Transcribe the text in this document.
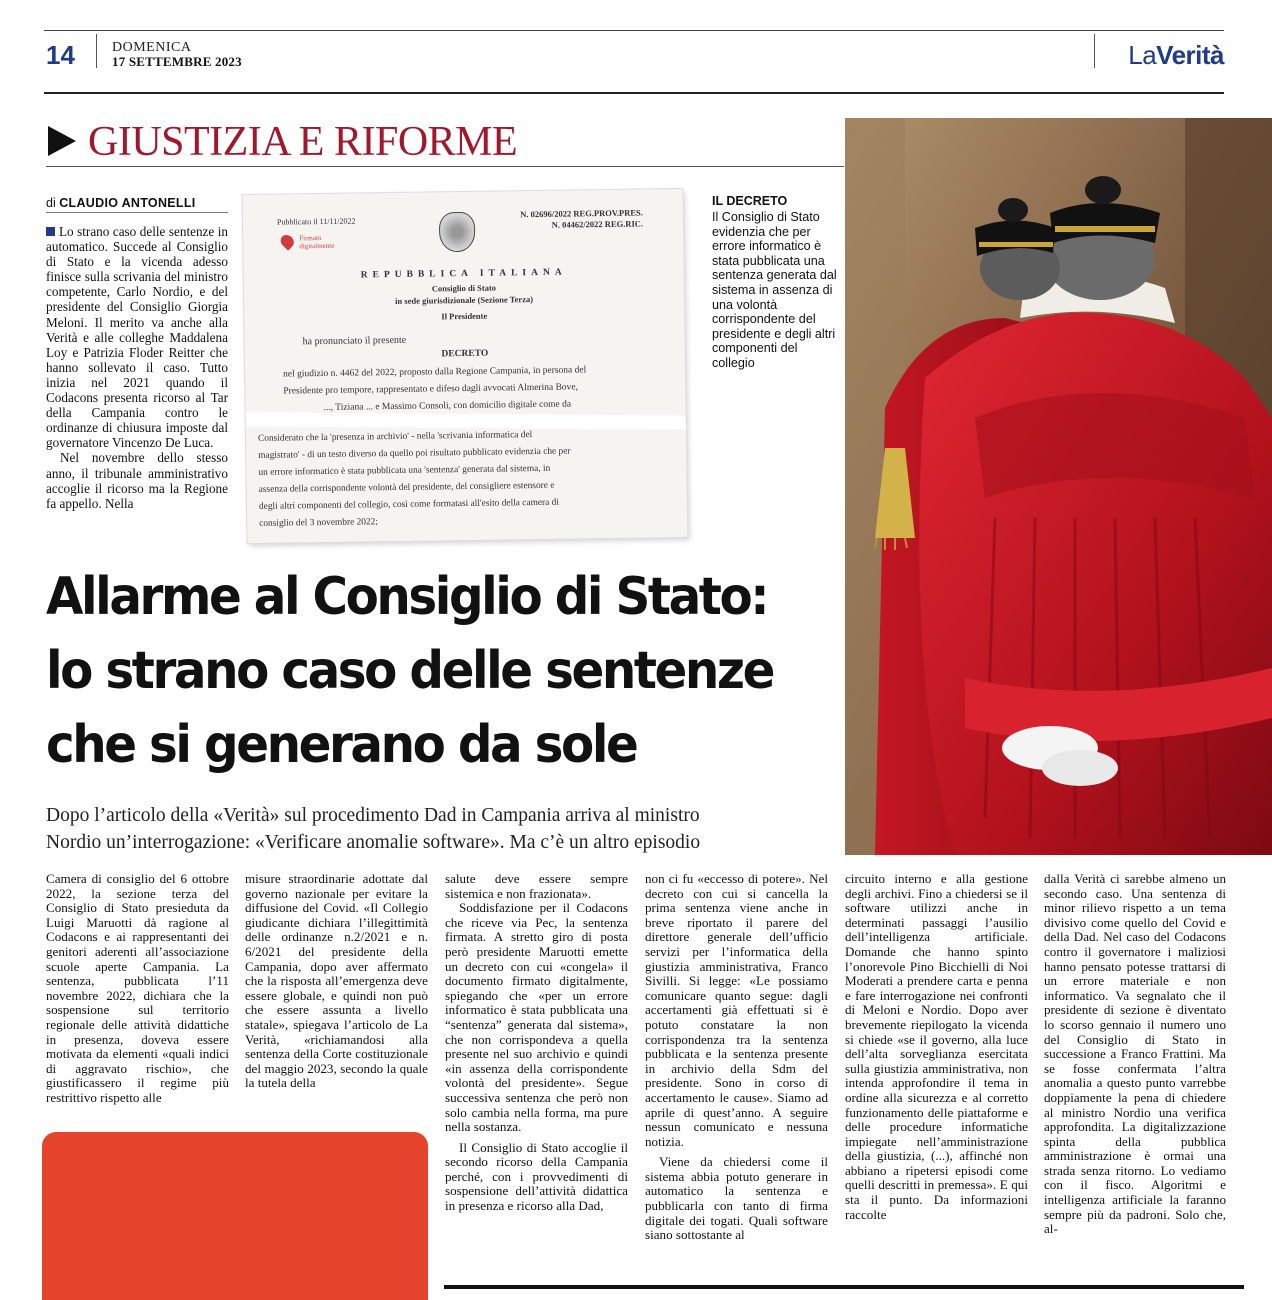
14	DOMENICA
17 SETTEMBRE 2023	LaVerità
GIUSTIZIA E RIFORME
di CLAUDIO ANTONELLI

Lo strano caso delle sentenze in automatico. Succede al Consiglio di Stato e la vicenda adesso finisce sulla scrivania del ministro competente, Carlo Nordio, e del presidente del Consiglio Giorgia Meloni. Il merito va anche alla Verità e alle colleghe Maddalena Loy e Patrizia Floder Reitter che hanno sollevato il caso. Tutto inizia nel 2021 quando il Codacons presenta ricorso al Tar della Campania contro le ordinanze di chiusura imposte dal governatore Vincenzo De Luca.

Nel novembre dello stesso anno, il tribunale amministrativo accoglie il ricorso ma la Regione fa appello. Nella

Pubblicato il 11/11/2022
Firmato digitalmente
N. 02696/2022 REG.PROV.PRES.
N. 04462/2022 REG.RIC.
REPUBBLICA ITALIANA
Consiglio di Stato
in sede giurisdizionale (Sezione Terza)
Il Presidente
ha pronunciato il presente
DECRETO
nel giudizio n. 4462 del 2022, proposto dalla Regione Campania, in persona del
Presidente pro tempore, rappresentato e difeso dagli avvocati Almerina Bove,
..., Tiziana ... e Massimo Consoli, con domicilio digitale come da
Considerato che la 'presenza in archivio' - nella 'scrivania informatica del
magistrato' - di un testo diverso da quello poi risultato pubblicato evidenzia che per
un errore informatico è stata pubblicata una 'sentenza' generata dal sistema, in
assenza della corrispondente volontà del presidente, del consigliere estensore e
degli altri componenti del collegio, così come formatasi all'esito della camera di
consiglio del 3 novembre 2022;
IL DECRETO
Il Consiglio di Stato evidenzia che per errore informatico è stata pubblicata una sentenza generata dal sistema in assenza di una volontà corrispondente del presidente e degli altri componenti del collegio
Allarme al Consiglio di Stato:
lo strano caso delle sentenze
che si generano da sole
Dopo l’articolo della «Verità» sul procedimento Dad in Campania arriva al ministro
Nordio un’interrogazione: «Verificare anomalie software». Ma c’è un altro episodio

Camera di consiglio del 6 ottobre 2022, la sezione terza del Consiglio di Stato presieduta da Luigi Maruotti dà ragione al Codacons e ai rappresentanti dei genitori aderenti all’associazione scuole aperte Campania. La sentenza, pubblicata l’11 novembre 2022, dichiara che la sospensione sul territorio regionale delle attività didattiche in presenza, doveva essere motivata da elementi «quali indici di aggravato rischio», che giustificassero il regime più restrittivo rispetto alle

misure straordinarie adottate dal governo nazionale per evitare la diffusione del Covid. «Il Collegio giudicante dichiara l’illegittimità delle ordinanze n.2/2021 e n. 6/2021 del presidente della Campania, dopo aver affermato che la risposta all’emergenza deve essere globale, e quindi non può che essere assunta a livello statale», spiegava l’articolo de La Verità, «richiamandosi alla sentenza della Corte costituzionale del maggio 2023, secondo la quale la tutela della

salute deve essere sempre sistemica e non frazionata».

Soddisfazione per il Codacons che riceve via Pec, la sentenza firmata. A stretto giro di posta però presidente Maruotti emette un decreto con cui «congela» il documento firmato digitalmente, spiegando che «per un errore informatico è stata pubblicata una “sentenza” generata dal sistema», che non corrispondeva a quella presente nel suo archivio e quindi «in assenza della corrispondente volontà del presidente». Segue successiva sentenza che però non solo cambia nella forma, ma pure nella sostanza.

Il Consiglio di Stato accoglie il secondo ricorso della Campania perché, con i provvedimenti di sospensione dell’attività didattica in presenza e ricorso alla Dad,

non ci fu «eccesso di potere». Nel decreto con cui si cancella la prima sentenza viene anche in breve riportato il parere del direttore generale dell’ufficio servizi per l’informatica della giustizia amministrativa, Franco Sivilli. Si legge: «Le possiamo comunicare quanto segue: dagli accertamenti già effettuati si è potuto constatare la non corrispondenza tra la sentenza pubblicata e la sentenza presente in archivio della Sdm del presidente. Sono in corso di accertamento le cause». Siamo ad aprile di quest’anno. A seguire nessun comunicato e nessuna notizia.

Viene da chiedersi come il sistema abbia potuto generare in automatico la sentenza e pubblicarla con tanto di firma digitale dei togati. Quali software siano sottostante al

circuito interno e alla gestione degli archivi. Fino a chiedersi se il software utilizzi anche in determinati passaggi l’ausilio dell’intelligenza artificiale. Domande che hanno spinto l’onorevole Pino Bicchielli di Noi Moderati a prendere carta e penna e fare interrogazione nei confronti di Meloni e Nordio. Dopo aver brevemente riepilogato la vicenda si chiede «se il governo, alla luce dell’alta sorveglianza esercitata sulla giustizia amministrativa, non intenda approfondire il tema in ordine alla sicurezza e al corretto funzionamento delle piattaforme e delle procedure informatiche impiegate nell’amministrazione della giustizia, (...), affinché non abbiano a ripetersi episodi come quelli descritti in premessa». E qui sta il punto. Da informazioni raccolte

dalla Verità ci sarebbe almeno un secondo caso. Una sentenza di minor rilievo rispetto a un tema divisivo come quello del Covid e della Dad. Nel caso del Codacons contro il governatore i maliziosi hanno pensato potesse trattarsi di un errore materiale e non informatico. Va segnalato che il presidente di sezione è diventato lo scorso gennaio il numero uno del Consiglio di Stato in successione a Franco Frattini. Ma se fosse confermata l’altra anomalia a questo punto varrebbe doppiamente la pena di chiedere al ministro Nordio una verifica approfondita. La digitalizzazione spinta della pubblica amministrazione è ormai una strada senza ritorno. Lo vediamo con il fisco. Algoritmi e intelligenza artificiale la faranno sempre più da padroni. Solo che, al-
